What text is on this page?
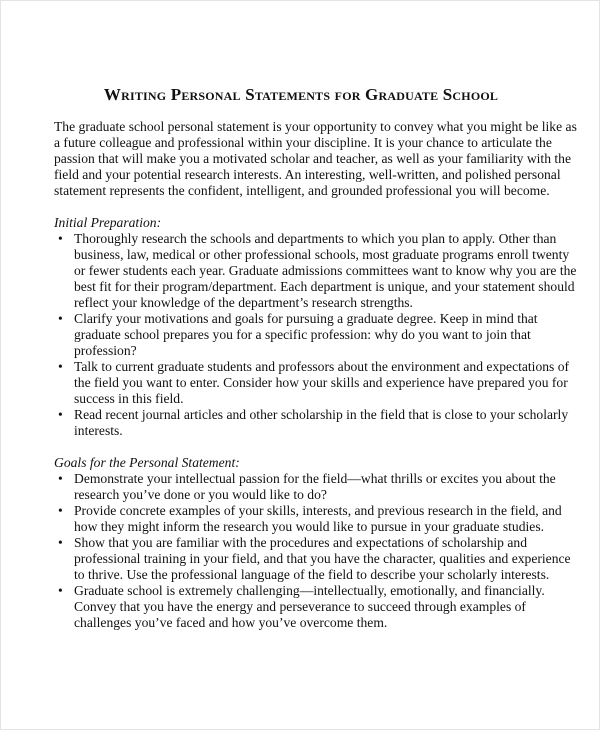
Writing Personal Statements for Graduate School
The graduate school personal statement is your opportunity to convey what you might be like as
a future colleague and professional within your discipline. It is your chance to articulate the
passion that will make you a motivated scholar and teacher, as well as your familiarity with the
field and your potential research interests. An interesting, well-written, and polished personal
statement represents the confident, intelligent, and grounded professional you will become.
Initial Preparation:
• Thoroughly research the schools and departments to which you plan to apply. Other than
business, law, medical or other professional schools, most graduate programs enroll twenty
or fewer students each year. Graduate admissions committees want to know why you are the
best fit for their program/department. Each department is unique, and your statement should
reflect your knowledge of the department’s research strengths.
• Clarify your motivations and goals for pursuing a graduate degree. Keep in mind that
graduate school prepares you for a specific profession: why do you want to join that
profession?
• Talk to current graduate students and professors about the environment and expectations of
the field you want to enter. Consider how your skills and experience have prepared you for
success in this field.
• Read recent journal articles and other scholarship in the field that is close to your scholarly
interests.
Goals for the Personal Statement:
• Demonstrate your intellectual passion for the field—what thrills or excites you about the
research you’ve done or you would like to do?
• Provide concrete examples of your skills, interests, and previous research in the field, and
how they might inform the research you would like to pursue in your graduate studies.
• Show that you are familiar with the procedures and expectations of scholarship and
professional training in your field, and that you have the character, qualities and experience
to thrive. Use the professional language of the field to describe your scholarly interests.
• Graduate school is extremely challenging—intellectually, emotionally, and financially.
Convey that you have the energy and perseverance to succeed through examples of
challenges you’ve faced and how you’ve overcome them.
